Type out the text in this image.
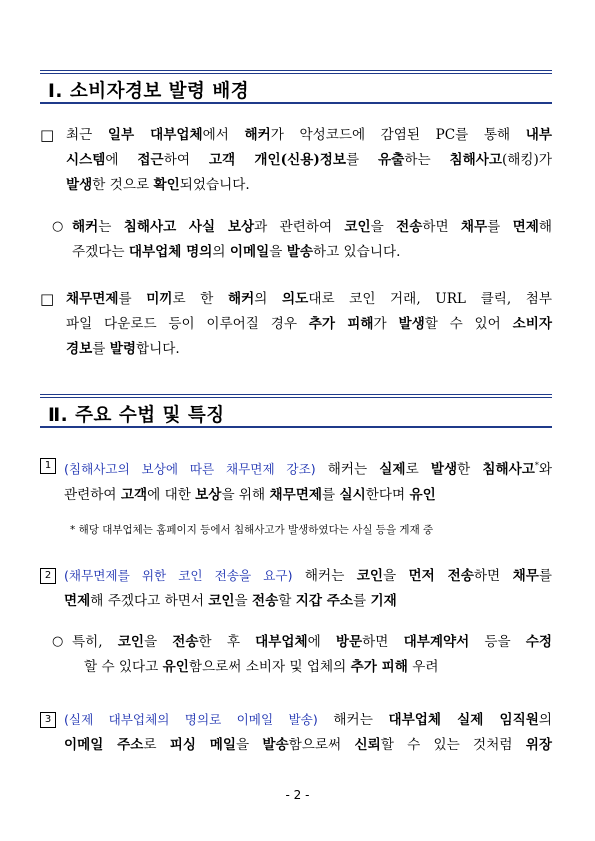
Ⅰ. 소비자경보 발령 배경
□ 최근 일부 대부업체에서 해커가 악성코드에 감염된 PC를 통해 내부
시스템에 접근하여 고객 개인(신용)정보를 유출하는 침해사고(해킹)가
발생한 것으로 확인되었습니다.
○ 해커는 침해사고 사실 보상과 관련하여 코인을 전송하면 채무를 면제해
주겠다는 대부업체 명의의 이메일을 발송하고 있습니다.
□ 채무면제를 미끼로 한 해커의 의도대로 코인 거래, URL 클릭, 첨부
파일 다운로드 등이 이루어질 경우 추가 피해가 발생할 수 있어 소비자
경보를 발령합니다.
Ⅱ. 주요 수법 및 특징
1	(침해사고의 보상에 따른 채무면제 강조) 해커는 실제로 발생한 침해사고*와
관련하여 고객에 대한 보상을 위해 채무면제를 실시한다며 유인
* 해당 대부업체는 홈페이지 등에서 침해사고가 발생하였다는 사실 등을 게재 중
2	(채무면제를 위한 코인 전송을 요구) 해커는 코인을 먼저 전송하면 채무를
면제해 주겠다고 하면서 코인을 전송할 지갑 주소를 기재
○ 특히, 코인을 전송한 후 대부업체에 방문하면 대부계약서 등을 수정
할 수 있다고 유인함으로써 소비자 및 업체의 추가 피해 우려
3	(실제 대부업체의 명의로 이메일 발송) 해커는 대부업체 실제 임직원의
이메일 주소로 피싱 메일을 발송함으로써 신뢰할 수 있는 것처럼 위장
- 2 -
